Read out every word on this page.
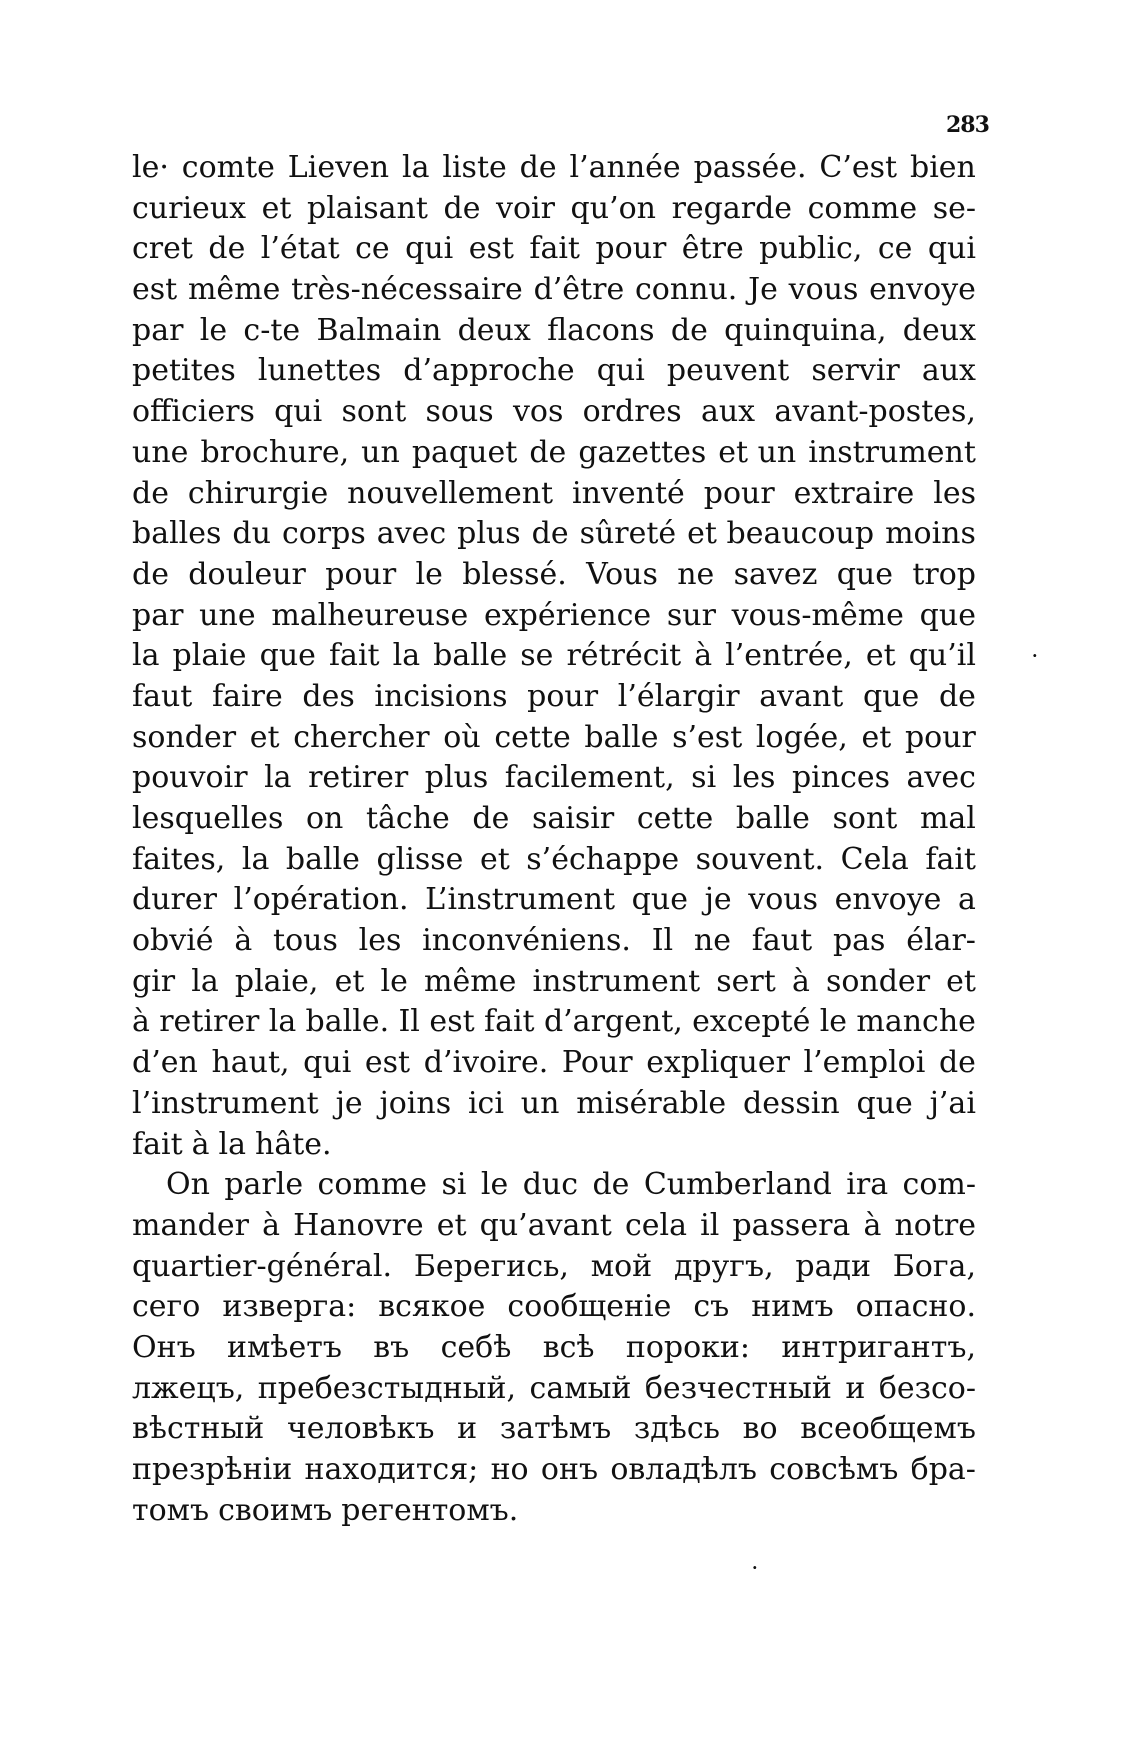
283
le· comte Lieven la liste de l’année passée. C’est bien
curieux et plaisant de voir qu’on regarde comme se-
cret de l’état ce qui est fait pour être public, ce qui
est même très-nécessaire d’être connu. Je vous envoye
par le c-te Balmain deux flacons de quinquina, deux
petites lunettes d’approche qui peuvent servir aux
officiers qui sont sous vos ordres aux avant-postes,
une brochure, un paquet de gazettes et un instrument
de chirurgie nouvellement inventé pour extraire les
balles du corps avec plus de sûreté et beaucoup moins
de douleur pour le blessé. Vous ne savez que trop
par une malheureuse expérience sur vous-même que
la plaie que fait la balle se rétrécit à l’entrée, et qu’il
faut faire des incisions pour l’élargir avant que de
sonder et chercher où cette balle s’est logée, et pour
pouvoir la retirer plus facilement, si les pinces avec
lesquelles on tâche de saisir cette balle sont mal
faites, la balle glisse et s’échappe souvent. Cela fait
durer l’opération. L’instrument que je vous envoye a
obvié à tous les inconvéniens. Il ne faut pas élar-
gir la plaie, et le même instrument sert à sonder et
à retirer la balle. Il est fait d’argent, excepté le manche
d’en haut, qui est d’ivoire. Pour expliquer l’emploi de
l’instrument je joins ici un misérable dessin que j’ai
fait à la hâte.
On parle comme si le duc de Cumberland ira com-
mander à Hanovre et qu’avant cela il passera à notre
quartier-général. Берегись, мой другъ, ради Бога,
сего изверга: всякое сообщеніе съ нимъ опасно.
Онъ имѣетъ въ себѣ всѣ пороки: интригантъ,
лжецъ, пребезстыдный, самый безчестный и безсо-
вѣстный человѣкъ и затѣмъ здѣсь во всеобщемъ
презрѣніи находится; но онъ овладѣлъ совсѣмъ бра-
томъ своимъ регентомъ.
·
·
